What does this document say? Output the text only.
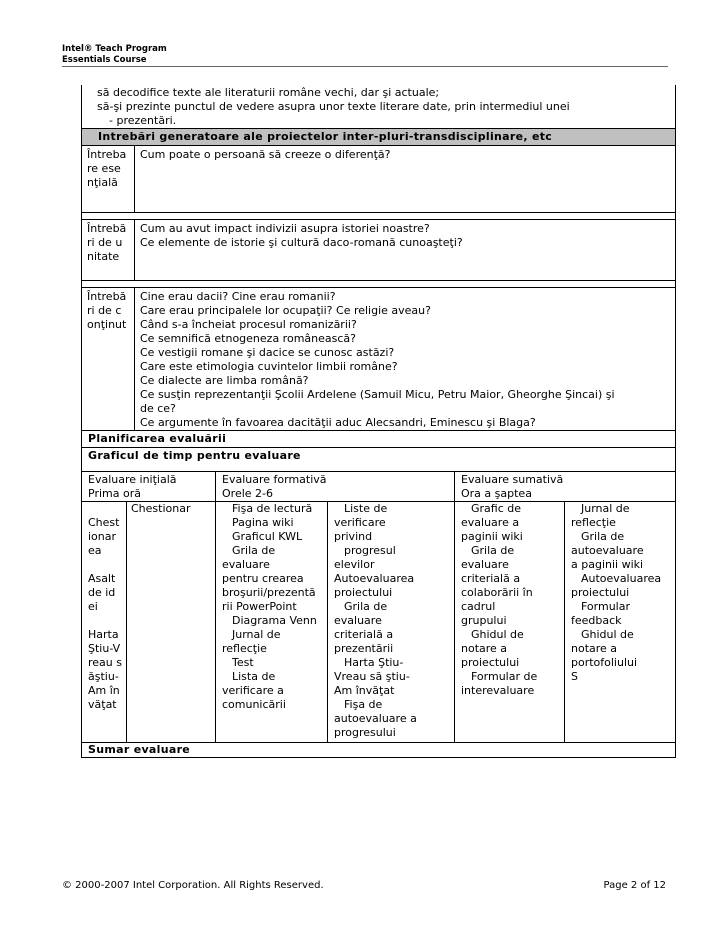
Intel® Teach Program
Essentials Course
să decodifice texte ale literaturii române vechi, dar şi actuale;
să-şi prezinte punctul de vedere asupra unor texte literare date, prin intermediul unei
- prezentări.
Intrebări generatoare ale proiectelor inter-pluri-transdisciplinare, etc
Întrebare esenţială
Cum poate o persoană să creeze o diferenţă?
Întrebări de unitate
Cum au avut impact indivizii asupra istoriei noastre?
Ce elemente de istorie şi cultură daco-romană cunoaşteţi?
Întrebări de conţinut
Cine erau dacii? Cine erau romanii?
Care erau principalele lor ocupaţii? Ce religie aveau?
Când s-a încheiat procesul romanizării?
Ce semnifică etnogeneza românească?
Ce vestigii romane şi dacice se cunosc astăzi?
Care este etimologia cuvintelor limbii române?
Ce dialecte are limba română?
Ce susţin reprezentanţii Şcolii Ardelene (Samuil Micu, Petru Maior, Gheorghe Şincai) şi
de ce?
Ce argumente în favoarea dacităţii aduc Alecsandri, Eminescu şi Blaga?
Planificarea evaluării
Graficul de timp pentru evaluare
Evaluare iniţială
Prima oră
Evaluare formativă
Orele 2-6
Evaluare sumativă
Ora a şaptea
Chestionarea
Asaltde idei
HartaŞtiu-Vreau săştiu-Am învăţat
Chestionar	Fişa de lectură
Pagina wiki
Graficul KWL
Grila de
evaluare
pentru crearea
broşurii/prezentă
rii PowerPoint
Diagrama Venn
Jurnal de
reflecţie
Test
Lista de
verificare a
comunicării
Liste de
verificare
privind
progresul
elevilor
Autoevaluarea
proiectului
Grila de
evaluare
criterială a
prezentării
Harta Ştiu-
Vreau să ştiu-
Am învăţat
Fişa de
autoevaluare a
progresului
Grafic de
evaluare a
paginii wiki
Grila de
evaluare
criterială a
colaborării în
cadrul
grupului
Ghidul de
notare a
proiectului
Formular de
interevaluare
Jurnal de
reflecţie
Grila de
autoevaluare
a paginii wiki
Autoevaluarea
proiectului
Formular
feedback
Ghidul de
notare a
portofoliului
S
Sumar evaluare
© 2000-2007 Intel Corporation. All Rights Reserved.	Page 2 of 12
